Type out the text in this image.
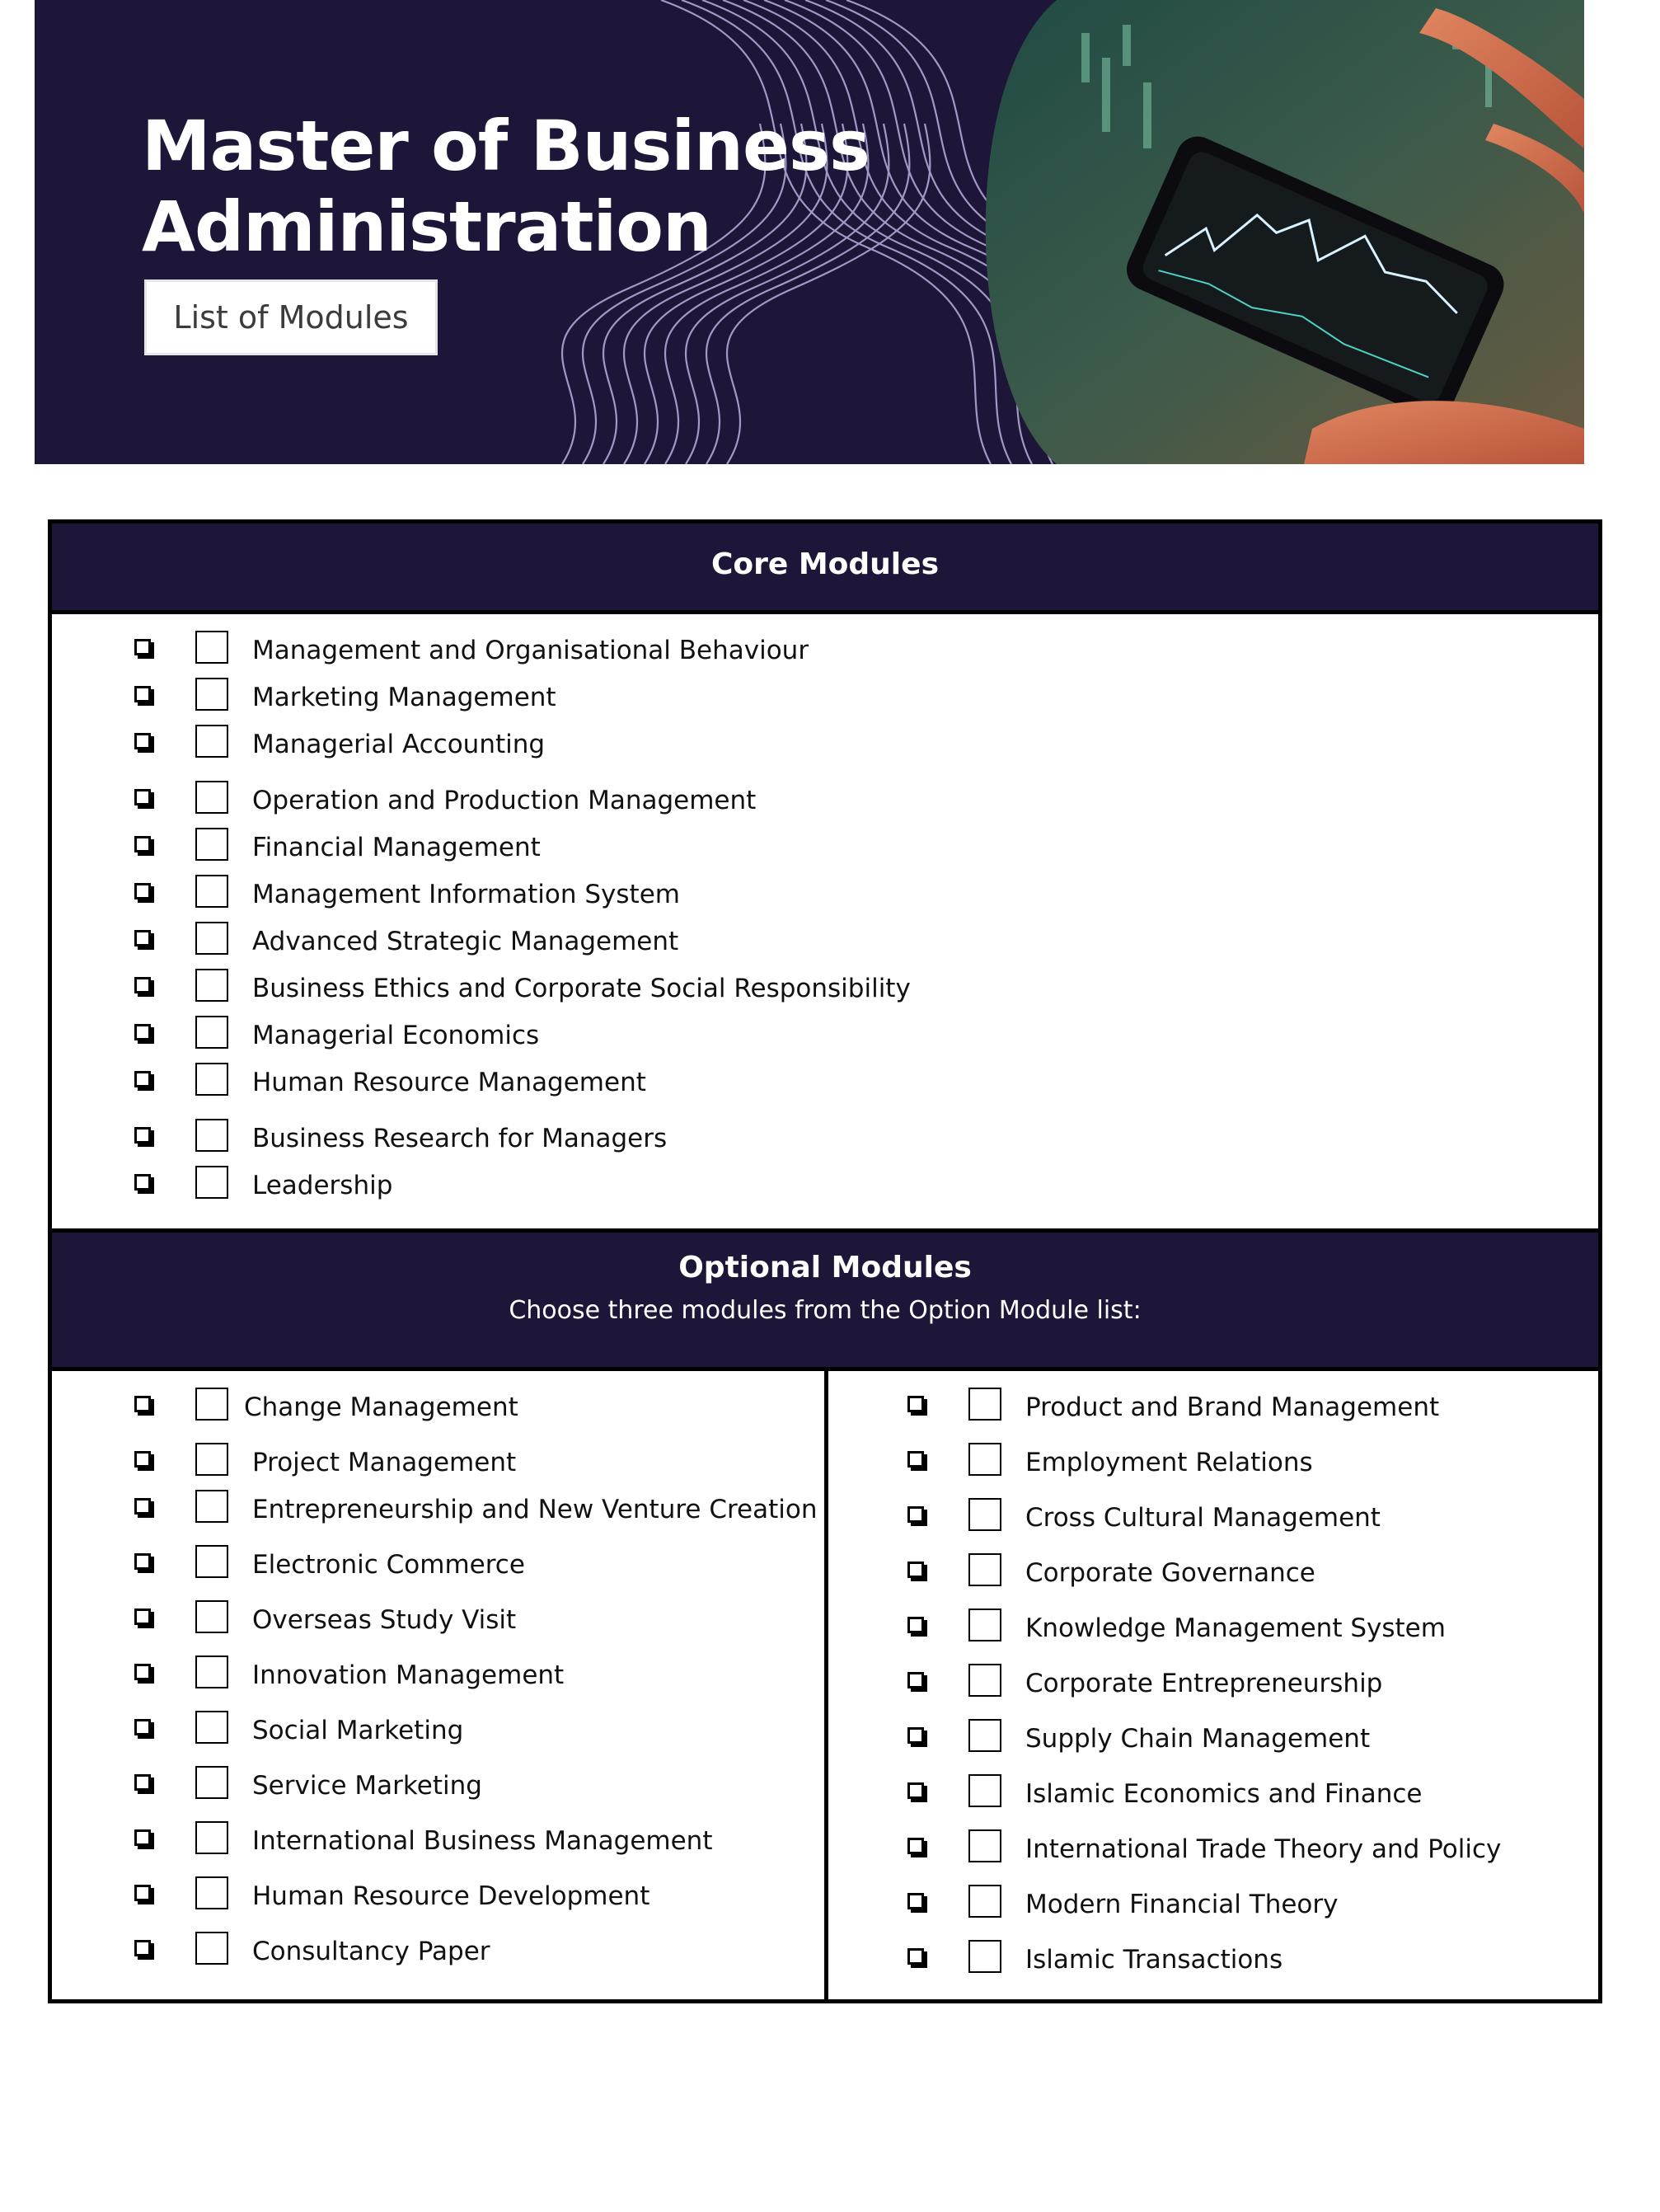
Master of Business
Administration
List of Modules
Core Modules
Management and Organisational Behaviour
Marketing Management
Managerial Accounting
Operation and Production Management
Financial Management
Management Information System
Advanced Strategic Management
Business Ethics and Corporate Social Responsibility
Managerial Economics
Human Resource Management
Business Research for Managers
Leadership
Optional Modules

Choose three modules from the Option Module list:

Change Management
Project Management
Entrepreneurship and New Venture Creation
Electronic Commerce
Overseas Study Visit
Innovation Management
Social Marketing
Service Marketing
International Business Management
Human Resource Development
Consultancy Paper
Product and Brand Management
Employment Relations
Cross Cultural Management
Corporate Governance
Knowledge Management System
Corporate Entrepreneurship
Supply Chain Management
Islamic Economics and Finance
International Trade Theory and Policy
Modern Financial Theory
Islamic Transactions
